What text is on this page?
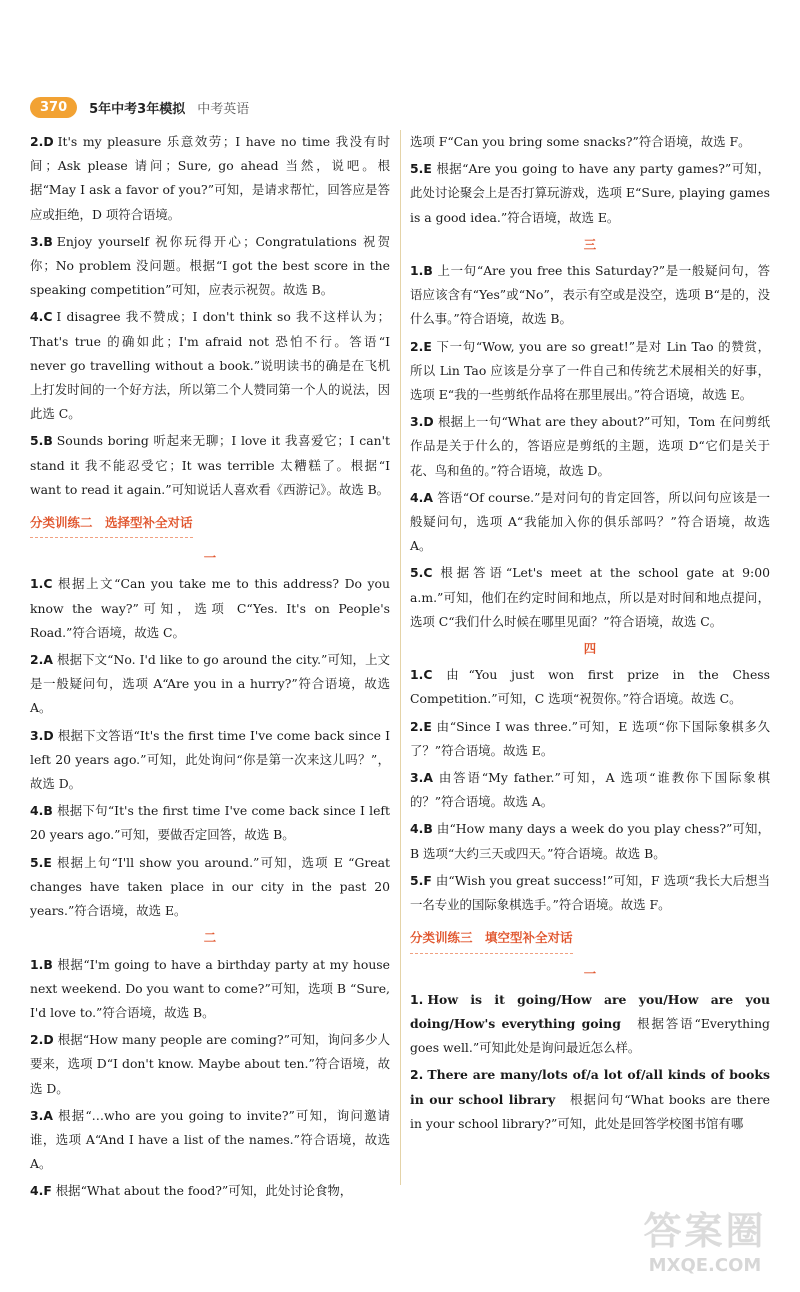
370	5年中考3年模拟 中考英语
2.D It's my pleasure 乐意效劳；I have no time 我没有时间；Ask please 请问；Sure, go ahead 当然，说吧。根据“May I ask a favor of you?”可知，是请求帮忙，回答应是答应或拒绝，D 项符合语境。
3.B Enjoy yourself 祝你玩得开心；Congratulations 祝贺你；No problem 没问题。根据“I got the best score in the speaking competition”可知，应表示祝贺。故选 B。
4.C I disagree 我不赞成；I don't think so 我不这样认为；That's true 的确如此；I'm afraid not 恐怕不行。答语“I never go travelling without a book.”说明读书的确是在飞机上打发时间的一个好方法，所以第二个人赞同第一个人的说法，因此选 C。
5.B Sounds boring 听起来无聊；I love it 我喜爱它；I can't stand it 我不能忍受它；It was terrible 太糟糕了。根据“I want to read it again.”可知说话人喜欢看《西游记》。故选 B。
分类训练二　选择型补全对话
一
1.C 根据上文“Can you take me to this address? Do you know the way?”可知，选项 C“Yes. It's on People's Road.”符合语境，故选 C。
2.A 根据下文“No. I'd like to go around the city.”可知，上文是一般疑问句，选项 A“Are you in a hurry?”符合语境，故选 A。
3.D 根据下文答语“It's the first time I've come back since I left 20 years ago.”可知，此处询问“你是第一次来这儿吗？”，故选 D。
4.B 根据下句“It's the first time I've come back since I left 20 years ago.”可知，要做否定回答，故选 B。
5.E 根据上句“I'll show you around.”可知，选项 E “Great changes have taken place in our city in the past 20 years.”符合语境，故选 E。
二
1.B 根据“I'm going to have a birthday party at my house next weekend. Do you want to come?”可知，选项 B “Sure, I'd love to.”符合语境，故选 B。
2.D 根据“How many people are coming?”可知，询问多少人要来，选项 D“I don't know. Maybe about ten.”符合语境，故选 D。
3.A 根据“…who are you going to invite?”可知，询问邀请谁，选项 A“And I have a list of the names.”符合语境，故选 A。
4.F 根据“What about the food?”可知，此处讨论食物，
选项 F“Can you bring some snacks?”符合语境，故选 F。
5.E 根据“Are you going to have any party games?”可知，此处讨论聚会上是否打算玩游戏，选项 E“Sure, playing games is a good idea.”符合语境，故选 E。
三
1.B 上一句“Are you free this Saturday?”是一般疑问句，答语应该含有“Yes”或“No”，表示有空或是没空，选项 B“是的，没什么事。”符合语境，故选 B。
2.E 下一句“Wow, you are so great!”是对 Lin Tao 的赞赏，所以 Lin Tao 应该是分享了一件自己和传统艺术展相关的好事，选项 E“我的一些剪纸作品将在那里展出。”符合语境，故选 E。
3.D 根据上一句“What are they about?”可知，Tom 在问剪纸作品是关于什么的，答语应是剪纸的主题，选项 D“它们是关于花、鸟和鱼的。”符合语境，故选 D。
4.A 答语“Of course.”是对问句的肯定回答，所以问句应该是一般疑问句，选项 A“我能加入你的俱乐部吗？”符合语境，故选 A。
5.C 根据答语“Let's meet at the school gate at 9:00 a.m.”可知，他们在约定时间和地点，所以是对时间和地点提问，选项 C“我们什么时候在哪里见面？”符合语境，故选 C。
四
1.C 由“You just won first prize in the Chess Competition.”可知，C 选项“祝贺你。”符合语境。故选 C。
2.E 由“Since I was three.”可知，E 选项“你下国际象棋多久了？”符合语境。故选 E。
3.A 由答语“My father.”可知，A 选项“谁教你下国际象棋的？”符合语境。故选 A。
4.B 由“How many days a week do you play chess?”可知，B 选项“大约三天或四天。”符合语境。故选 B。
5.F 由“Wish you great success!”可知，F 选项“我长大后想当一名专业的国际象棋选手。”符合语境。故选 F。
分类训练三　填空型补全对话
一
1. How is it going/How are you/How are you doing/How's everything going　 根据答语“Everything goes well.”可知此处是询问最近怎么样。
2. There are many/lots of/a lot of/all kinds of books in our school library　 根据问句“What books are there in your school library?”可知，此处是回答学校图书馆有哪
答案圈
MXQE.COM
